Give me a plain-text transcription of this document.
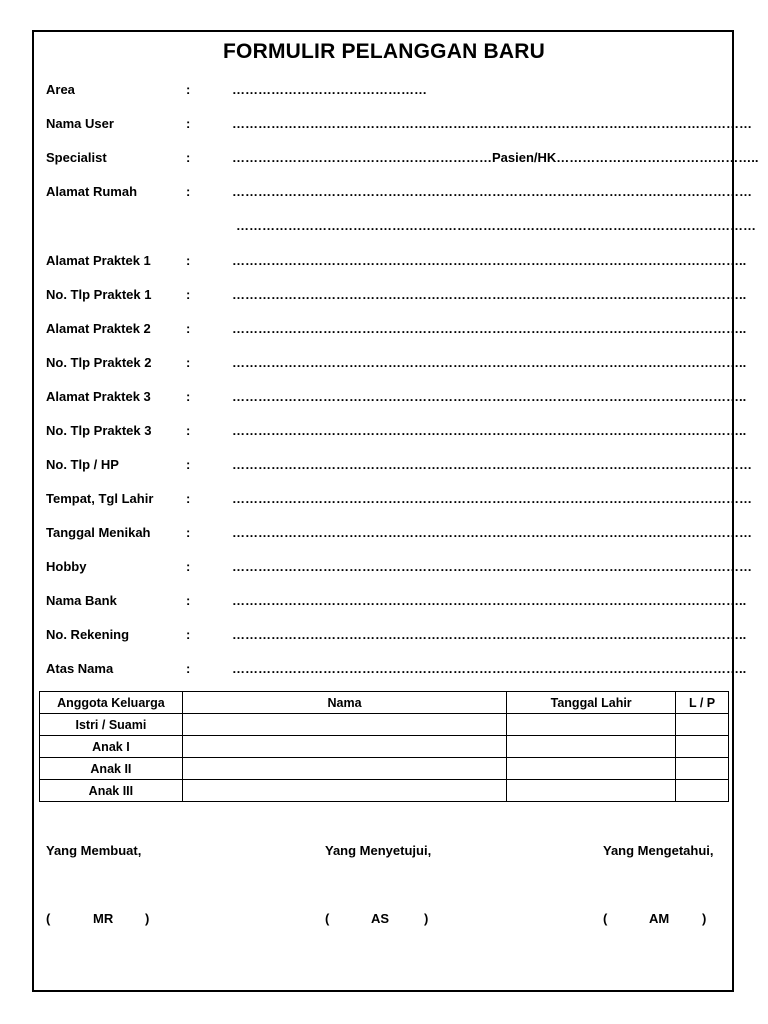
FORMULIR PELANGGAN BARU
Area	:	………………………………………
Nama User	:	…………………………………………………………………………………………………………
Specialist	:	……………………………………………………Pasien/HK………………………………………..
Alamat Rumah	:	…………………………………………………………………………………………………………
…………………………………………………………………………………………………………
Alamat Praktek 1	:	………………………………………………………………………………………………………..
No. Tlp Praktek 1	:	………………………………………………………………………………………………………..
Alamat Praktek 2	:	………………………………………………………………………………………………………..
No. Tlp Praktek 2	:	………………………………………………………………………………………………………..
Alamat Praktek 3	:	………………………………………………………………………………………………………..
No. Tlp Praktek 3	:	………………………………………………………………………………………………………..
No. Tlp / HP	:	…………………………………………………………………………………………………………
Tempat, Tgl Lahir	:	…………………………………………………………………………………………………………
Tanggal Menikah	:	…………………………………………………………………………………………………………
Hobby	:	…………………………………………………………………………………………………………
Nama Bank	:	………………………………………………………………………………………………………..
No. Rekening	:	………………………………………………………………………………………………………..
Atas Nama	:	………………………………………………………………………………………………………..
Anggota Keluarga	Nama	Tanggal Lahir	L / P
Istri / Suami			
Anak I			
Anak II			
Anak III			
Yang Membuat,	Yang Menyetujui,	Yang Mengetahui,
(	MR )	(	AS	)	(	AM	)
